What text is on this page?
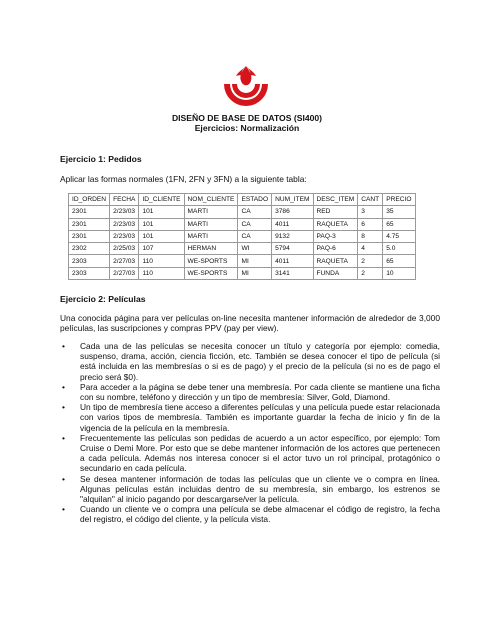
DISEÑO DE BASE DE DATOS (SI400)
Ejercicios: Normalización
Ejercicio 1: Pedidos
Aplicar las formas normales (1FN, 2FN y 3FN) a la siguiente tabla:
ID_ORDEN	FECHA	ID_CLIENTE	NOM_CLIENTE	ESTADO	NUM_ITEM	DESC_ITEM	CANT	PRECIO
2301	2/23/03	101	MARTI	CA	3786	RED	3	35
2301	2/23/03	101	MARTI	CA	4011	RAQUETA	6	65
2301	2/23/03	101	MARTI	CA	9132	PAQ-3	8	4.75
2302	2/25/03	107	HERMAN	WI	5794	PAQ-6	4	5.0
2303	2/27/03	110	WE-SPORTS	MI	4011	RAQUETA	2	65
2303	2/27/03	110	WE-SPORTS	MI	3141	FUNDA	2	10
Ejercicio 2: Películas
Una conocida página para ver películas on-line necesita mantener información de alrededor de 3,000 películas, las suscripciones y compras PPV (pay per view).
• Cada una de las películas se necesita conocer un título y categoría por ejemplo: comedia, suspenso, drama, acción, ciencia ficción, etc. También se desea conocer el tipo de película (si está incluida en las membresías o si es de pago) y el precio de la película (si no es de pago el precio será $0).
• Para acceder a la página se debe tener una membresía. Por cada cliente se mantiene una ficha con su nombre, teléfono y dirección y un tipo de membresía: Silver, Gold, Diamond.
• Un tipo de membresía tiene acceso a diferentes películas y una película puede estar relacionada con varios tipos de membresía. También es importante guardar la fecha de inicio y fin de la vigencia de la película en la membresía.
• Frecuentemente las películas son pedidas de acuerdo a un actor específico, por ejemplo: Tom Cruise o Demi More. Por esto que se debe mantener información de los actores que pertenecen a cada película. Además nos interesa conocer si el actor tuvo un rol principal, protagónico o secundario en cada película.
• Se desea mantener información de todas las películas que un cliente ve o compra en línea. Algunas películas están incluidas dentro de su membresía, sin embargo, los estrenos se "alquilan" al inicio pagando por descargarse/ver la película.
• Cuando un cliente ve o compra una película se debe almacenar el código de registro, la fecha del registro, el código del cliente, y la película vista.
